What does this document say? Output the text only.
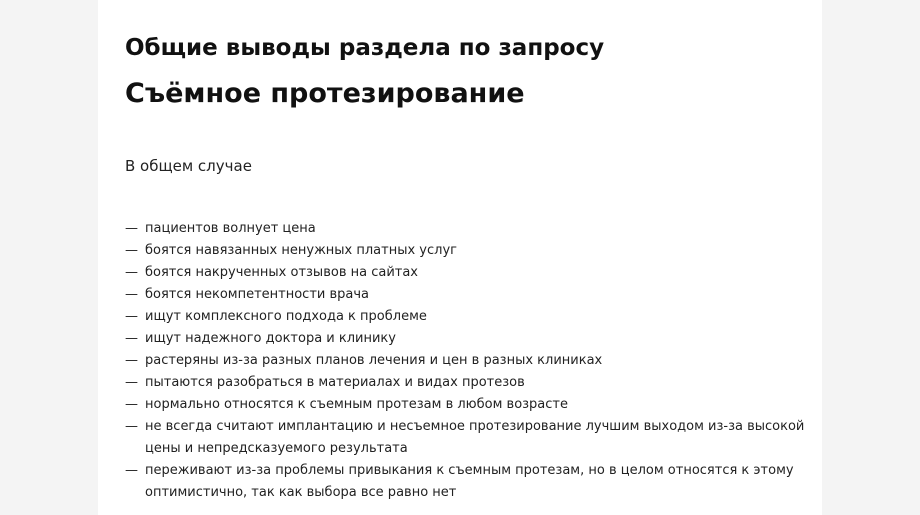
Общие выводы раздела по запросу
Съёмное протезирование

В общем случае

— пациентов волнует цена
— боятся навязанных ненужных платных услуг
— боятся накрученных отзывов на сайтах
— боятся некомпетентности врача
— ищут комплексного подхода к проблеме
— ищут надежного доктора и клинику
— растеряны из-за разных планов лечения и цен в разных клиниках
— пытаются разобраться в материалах и видах протезов
— нормально относятся к съемным протезам в любом возрасте
— не всегда считают имплантацию и несъемное протезирование лучшим выходом из-за высокой цены и непредсказуемого результата
— переживают из-за проблемы привыкания к съемным протезам, но в целом относятся к этому оптимистично, так как выбора все равно нет
